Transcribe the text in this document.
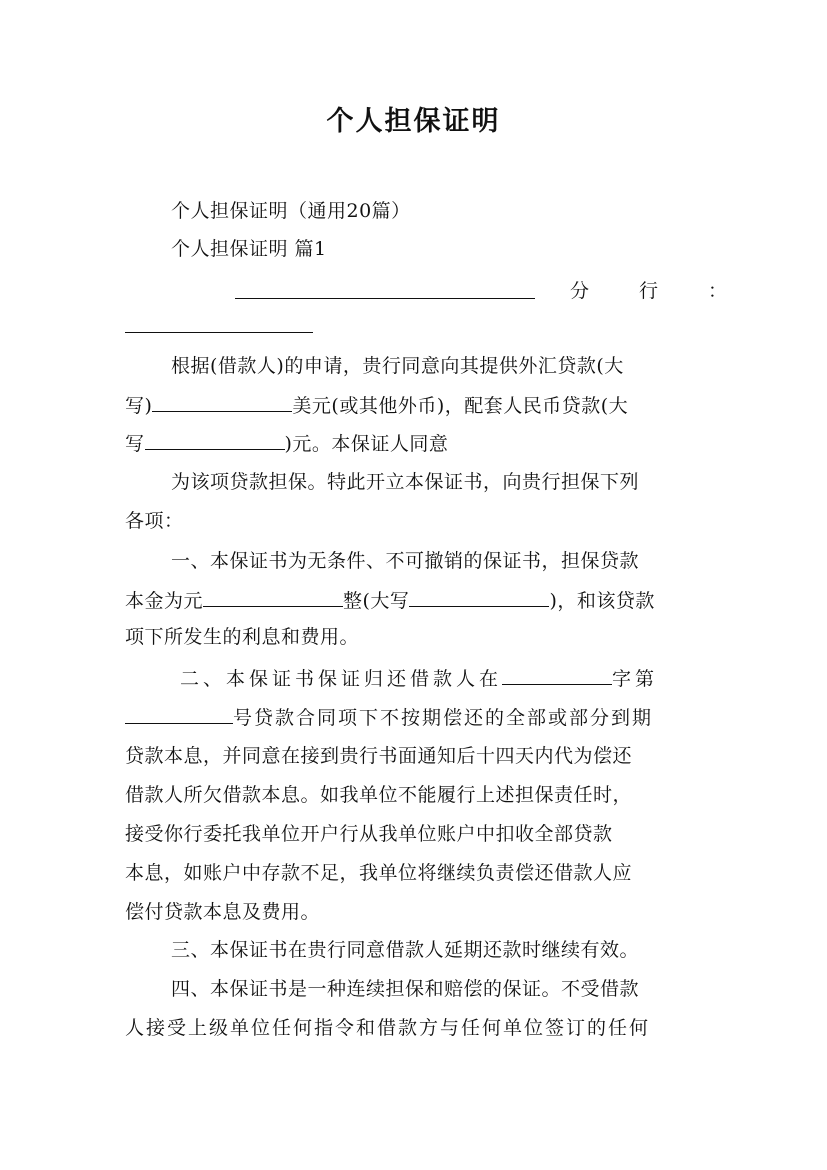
个人担保证明
个人担保证明（通用20篇）
个人担保证明 篇1
分　　行　　：
根据(借款人)的申请，贵行同意向其提供外汇贷款(大
写)	美元(或其他外币)，配套人民币贷款(大
写	)元。本保证人同意
为该项贷款担保。特此开立本保证书，向贵行担保下列
各项：
一、本保证书为无条件、不可撤销的保证书，担保贷款
本金为元	整(大写	)，和该贷款
项下所发生的利息和费用。
二、本保证书保证归还借款人在	字第
号贷款合同项下不按期偿还的全部或部分到期
贷款本息，并同意在接到贵行书面通知后十四天内代为偿还
借款人所欠借款本息。如我单位不能履行上述担保责任时，
接受你行委托我单位开户行从我单位账户中扣收全部贷款
本息，如账户中存款不足，我单位将继续负责偿还借款人应
偿付贷款本息及费用。
三、本保证书在贵行同意借款人延期还款时继续有效。
四、本保证书是一种连续担保和赔偿的保证。不受借款
人接受上级单位任何指令和借款方与任何单位签订的任何
